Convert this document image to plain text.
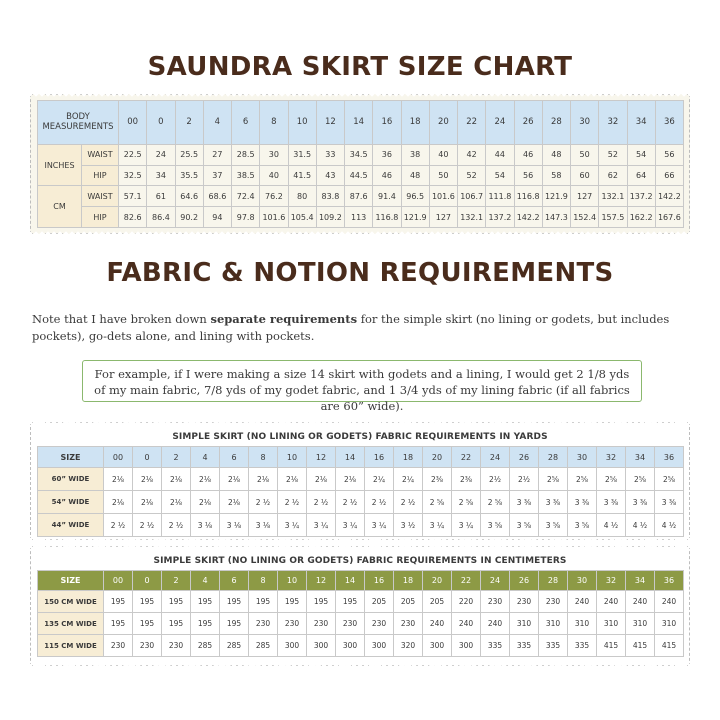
SAUNDRA SKIRT SIZE CHART
BODY
MEASUREMENTS		00	0	2	4	6	8	10	12	14	16	18	20	22	24	26	28	30	32	34	36
INCHES	WAIST	22.5	24	25.5	27	28.5	30	31.5	33	34.5	36	38	40	42	44	46	48	50	52	54	56
	HIP	32.5	34	35.5	37	38.5	40	41.5	43	44.5	46	48	50	52	54	56	58	60	62	64	66
CM	WAIST	57.1	61	64.6	68.6	72.4	76.2	80	83.8	87.6	91.4	96.5	101.6	106.7	111.8	116.8	121.9	127	132.1	137.2	142.2
	HIP	82.6	86.4	90.2	94	97.8	101.6	105.4	109.2	113	116.8	121.9	127	132.1	137.2	142.2	147.3	152.4	157.5	162.2	167.6
FABRIC & NOTION REQUIREMENTS
Note that I have broken down separate requirements for the simple skirt (no lining or godets, but includes pockets), go-dets alone, and lining with pockets.
For example, if I were making a size 14 skirt with godets and a lining, I would get 2 1/8 yds of my main fabric, 7/8 yds of my godet fabric, and 1 3/4 yds of my lining fabric (if all fabrics are 60” wide).
SIMPLE SKIRT (NO LINING OR GODETS) FABRIC REQUIREMENTS IN YARDS
SIZE	00	0	2	4	6	8	10	12	14	16	18	20	22	24	26	28	30	32	34	36
60” WIDE	2⅛	2⅛	2⅛	2⅛	2⅛	2⅛	2⅛	2⅛	2⅛	2¼	2¼	2⅜	2⅜	2½	2½	2⅝	2⅝	2⅝	2⅝	2⅝
54” WIDE	2⅛	2⅛	2⅛	2⅛	2⅛	2 ½	2 ½	2 ½	2 ½	2 ½	2 ½	2 ⅝	2 ⅝	2 ⅝	3 ⅜	3 ⅜	3 ⅜	3 ⅜	3 ⅜	3 ⅜
44” WIDE	2 ½	2 ½	2 ½	3 ⅛	3 ⅛	3 ⅛	3 ¼	3 ¼	3 ¼	3 ¼	3 ½	3 ¼	3 ¼	3 ⅝	3 ⅝	3 ⅝	3 ⅝	4 ½	4 ½	4 ½
SIMPLE SKIRT (NO LINING OR GODETS) FABRIC REQUIREMENTS IN CENTIMETERS
SIZE	00	0	2	4	6	8	10	12	14	16	18	20	22	24	26	28	30	32	34	36
150 CM WIDE	195	195	195	195	195	195	195	195	195	205	205	205	220	230	230	230	240	240	240	240
135 CM WIDE	195	195	195	195	195	230	230	230	230	230	230	240	240	240	310	310	310	310	310	310
115 CM WIDE	230	230	230	285	285	285	300	300	300	300	320	300	300	335	335	335	335	415	415	415
